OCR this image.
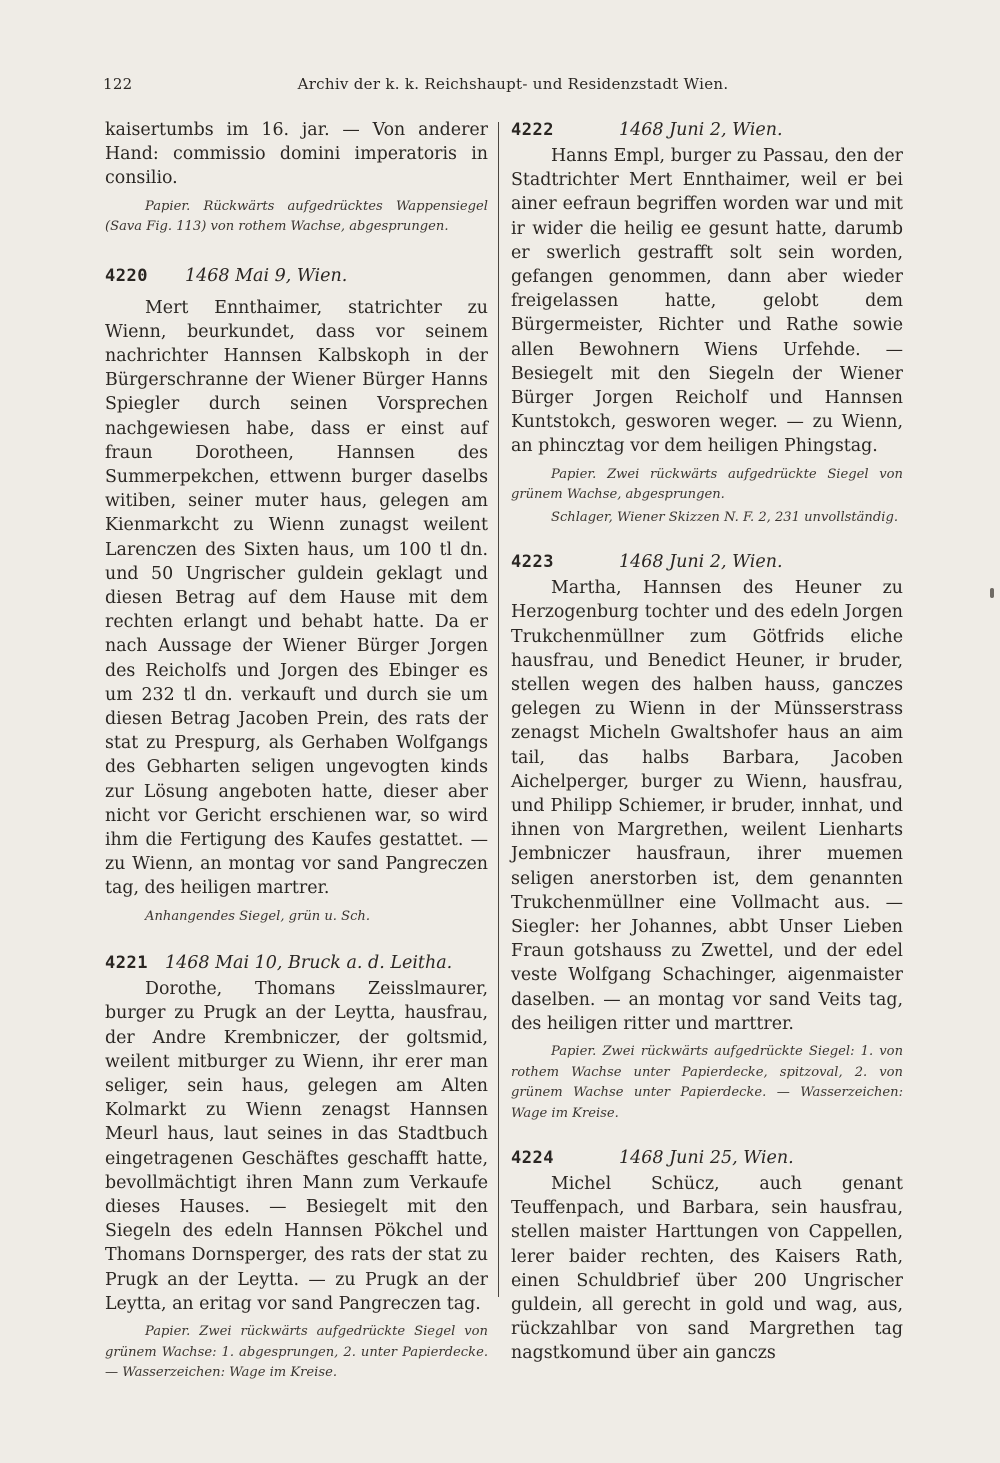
122	Archiv der k. k. Reichshaupt- und Residenzstadt Wien.

kaisertumbs im 16. jar. — Von anderer Hand: commissio domini imperatoris in consilio.

Papier. Rückwärts aufgedrücktes Wappensiegel (Sava Fig. 113) von rothem Wachse, abgesprungen.

4220 1468 Mai 9, Wien.

Mert Ennthaimer, statrichter zu Wienn, beurkundet, dass vor seinem nachrichter Hannsen Kalbskoph in der Bürgerschranne der Wiener Bürger Hanns Spiegler durch seinen Vorsprechen nachgewiesen habe, dass er einst auf fraun Dorotheen, Hannsen des Summerpekchen, ettwenn burger daselbs witiben, seiner muter haus, gelegen am Kienmarkcht zu Wienn zunagst weilent Larenczen des Sixten haus, um 100 tl dn. und 50 Ungrischer guldein geklagt und diesen Betrag auf dem Hause mit dem rechten erlangt und behabt hatte. Da er nach Aussage der Wiener Bürger Jorgen des Reicholfs und Jorgen des Ebinger es um 232 tl dn. verkauft und durch sie um diesen Betrag Jacoben Prein, des rats der stat zu Prespurg, als Gerhaben Wolfgangs des Gebharten seligen ungevogten kinds zur Lösung angeboten hatte, dieser aber nicht vor Gericht erschienen war, so wird ihm die Fertigung des Kaufes gestattet. — zu Wienn, an montag vor sand Pangreczen tag, des heiligen martrer.

Anhangendes Siegel, grün u. Sch.

4221 1468 Mai 10, Bruck a. d. Leitha.

Dorothe, Thomans Zeisslmaurer, burger zu Prugk an der Leytta, hausfrau, der Andre Krembniczer, der goltsmid, weilent mitburger zu Wienn, ihr erer man seliger, sein haus, gelegen am Alten Kolmarkt zu Wienn zenagst Hannsen Meurl haus, laut seines in das Stadtbuch eingetragenen Geschäftes geschafft hatte, bevollmächtigt ihren Mann zum Verkaufe dieses Hauses. — Besiegelt mit den Siegeln des edeln Hannsen Pökchel und Thomans Dornsperger, des rats der stat zu Prugk an der Leytta. — zu Prugk an der Leytta, an eritag vor sand Pangreczen tag.

Papier. Zwei rückwärts aufgedrückte Siegel von grünem Wachse: 1. abgesprungen, 2. unter Papierdecke. — Wasserzeichen: Wage im Kreise.

4222	1468 Juni 2, Wien.

Hanns Empl, burger zu Passau, den der Stadtrichter Mert Ennthaimer, weil er bei ainer eefraun begriffen worden war und mit ir wider die heilig ee gesunt hatte, darumb er swerlich gestrafft solt sein worden, gefangen genommen, dann aber wieder freigelassen hatte, gelobt dem Bürgermeister, Richter und Rathe sowie allen Bewohnern Wiens Urfehde. — Besiegelt mit den Siegeln der Wiener Bürger Jorgen Reicholf und Hannsen Kuntstokch, gesworen weger. — zu Wienn, an phincztag vor dem heiligen Phingstag.

Papier. Zwei rückwärts aufgedrückte Siegel von grünem Wachse, abgesprungen.

Schlager, Wiener Skizzen N. F. 2, 231 unvollständig.

4223	1468 Juni 2, Wien.

Martha, Hannsen des Heuner zu Herzogenburg tochter und des edeln Jorgen Trukchenmüllner zum Götfrids eliche hausfrau, und Benedict Heuner, ir bruder, stellen wegen des halben hauss, ganczes gelegen zu Wienn in der Münsserstrass zenagst Micheln Gwaltshofer haus an aim tail, das halbs Barbara, Jacoben Aichelperger, burger zu Wienn, hausfrau, und Philipp Schiemer, ir bruder, innhat, und ihnen von Margrethen, weilent Lienharts Jembniczer hausfraun, ihrer muemen seligen anerstorben ist, dem genannten Trukchenmüllner eine Vollmacht aus. — Siegler: her Johannes, abbt Unser Lieben Fraun gotshauss zu Zwettel, und der edel veste Wolfgang Schachinger, aigenmaister daselben. — an montag vor sand Veits tag, des heiligen ritter und marttrer.

Papier. Zwei rückwärts aufgedrückte Siegel: 1. von rothem Wachse unter Papierdecke, spitzoval, 2. von grünem Wachse unter Papierdecke. — Wasserzeichen: Wage im Kreise.

4224	1468 Juni 25, Wien.

Michel Schücz, auch genant Teuffenpach, und Barbara, sein hausfrau, stellen maister Harttungen von Cappellen, lerer baider rechten, des Kaisers Rath, einen Schuldbrief über 200 Ungrischer guldein, all gerecht in gold und wag, aus, rückzahlbar von sand Margrethen tag nagstkomund über ain ganczs
